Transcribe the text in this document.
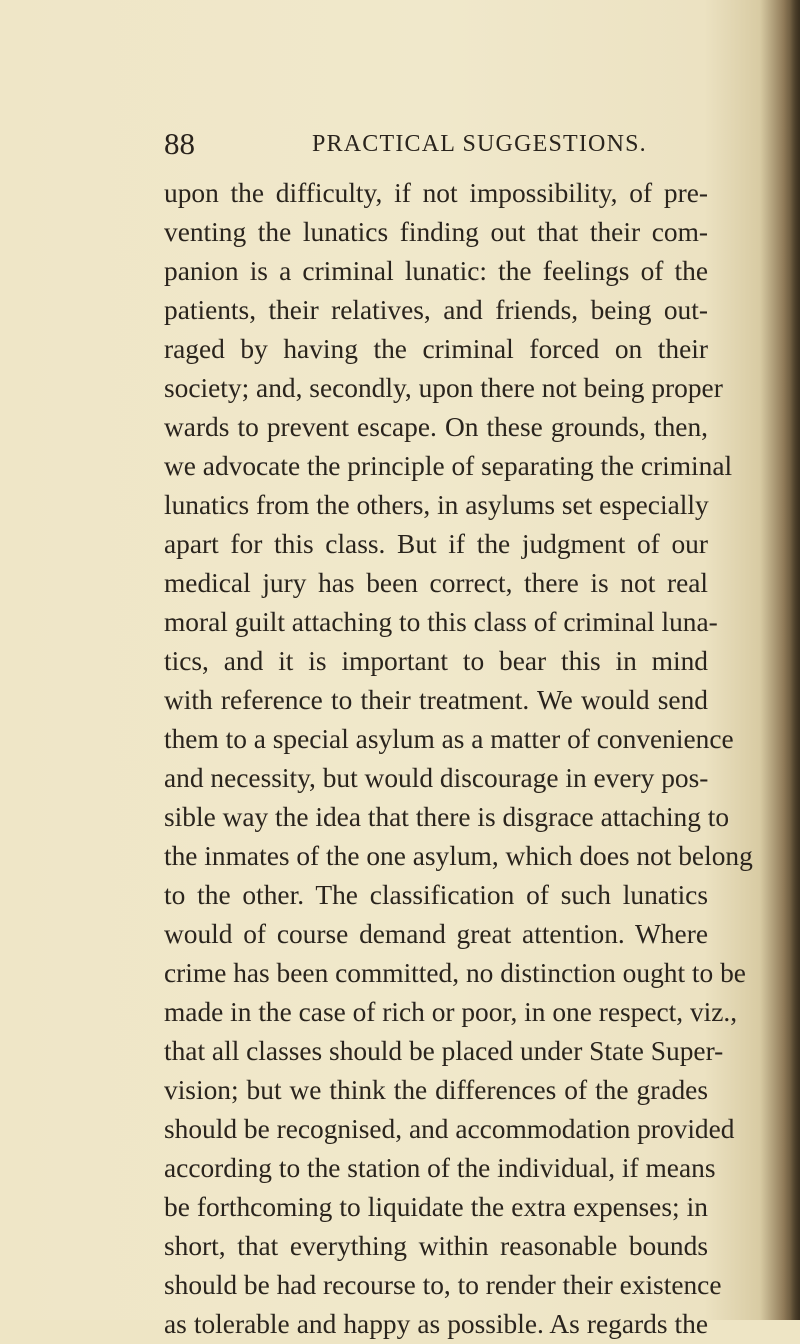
88	PRACTICAL SUGGESTIONS.
upon the difficulty, if not impossibility, of pre-
venting the lunatics finding out that their com-
panion is a criminal lunatic: the feelings of the
patients, their relatives, and friends, being out-
raged by having the criminal forced on their
society; and, secondly, upon there not being proper
wards to prevent escape. On these grounds, then,
we advocate the principle of separating the criminal
lunatics from the others, in asylums set especially
apart for this class. But if the judgment of our
medical jury has been correct, there is not real
moral guilt attaching to this class of criminal luna-
tics, and it is important to bear this in mind
with reference to their treatment. We would send
them to a special asylum as a matter of convenience
and necessity, but would discourage in every pos-
sible way the idea that there is disgrace attaching to
the inmates of the one asylum, which does not belong
to the other. The classification of such lunatics
would of course demand great attention. Where
crime has been committed, no distinction ought to be
made in the case of rich or poor, in one respect, viz.,
that all classes should be placed under State Super-
vision; but we think the differences of the grades
should be recognised, and accommodation provided
according to the station of the individual, if means
be forthcoming to liquidate the extra expenses; in
short, that everything within reasonable bounds
should be had recourse to, to render their existence
as tolerable and happy as possible. As regards the
